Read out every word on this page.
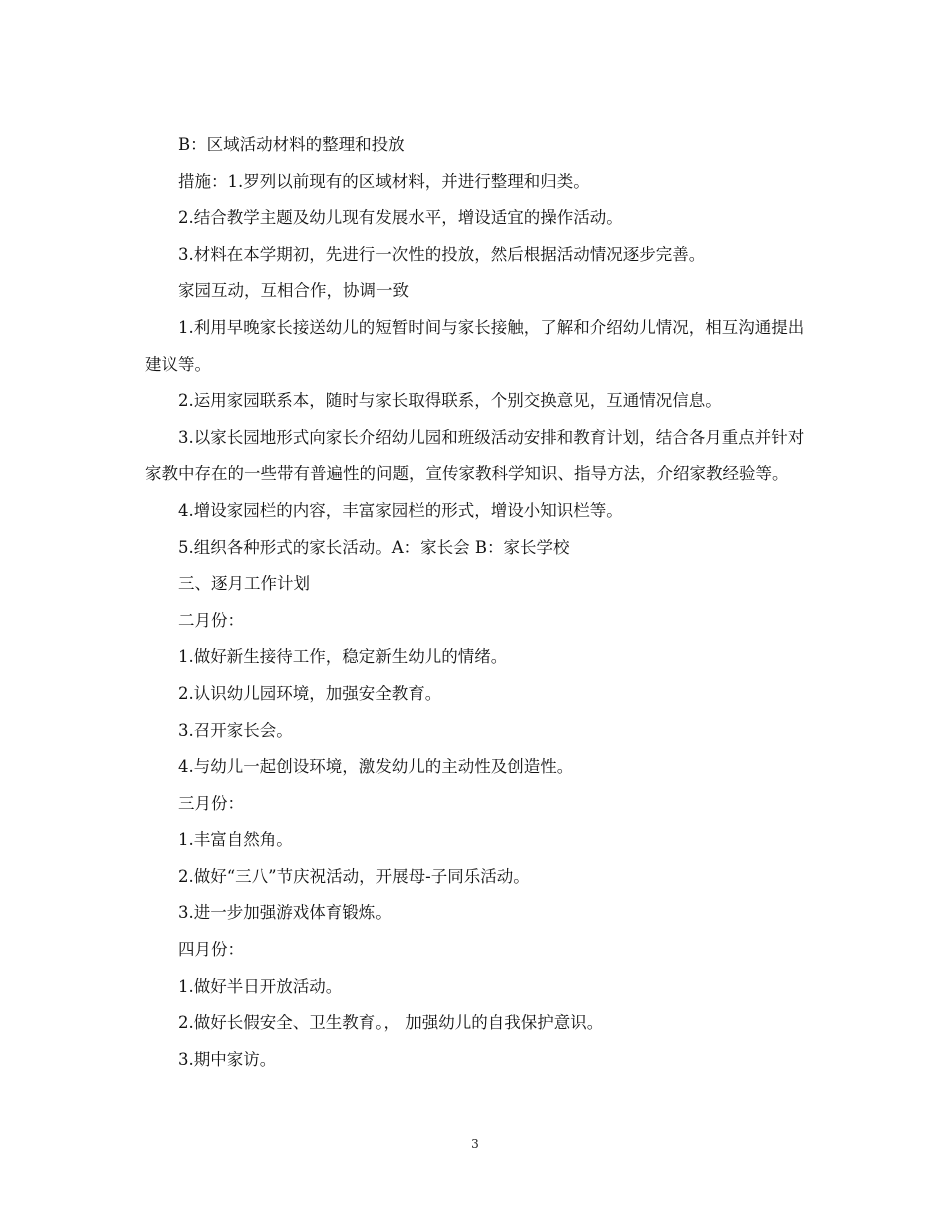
B：区域活动材料的整理和投放

措施：1.罗列以前现有的区域材料，并进行整理和归类。

2.结合教学主题及幼儿现有发展水平，增设适宜的操作活动。

3.材料在本学期初，先进行一次性的投放，然后根据活动情况逐步完善。

家园互动，互相合作，协调一致

1.利用早晚家长接送幼儿的短暂时间与家长接触，了解和介绍幼儿情况，相互沟通提出建议等。

2.运用家园联系本，随时与家长取得联系，个别交换意见，互通情况信息。

3.以家长园地形式向家长介绍幼儿园和班级活动安排和教育计划，结合各月重点并针对家教中存在的一些带有普遍性的问题，宣传家教科学知识、指导方法，介绍家教经验等。

4.增设家园栏的内容，丰富家园栏的形式，增设小知识栏等。

5.组织各种形式的家长活动。A：家长会 B：家长学校

三、逐月工作计划

二月份：

1.做好新生接待工作，稳定新生幼儿的情绪。

2.认识幼儿园环境，加强安全教育。

3.召开家长会。

4.与幼儿一起创设环境，激发幼儿的主动性及创造性。

三月份：

1.丰富自然角。

2.做好“三八”节庆祝活动，开展母-子同乐活动。

3.进一步加强游戏体育锻炼。

四月份：

1.做好半日开放活动。

2.做好长假安全、卫生教育。， 加强幼儿的自我保护意识。

3.期中家访。

3
